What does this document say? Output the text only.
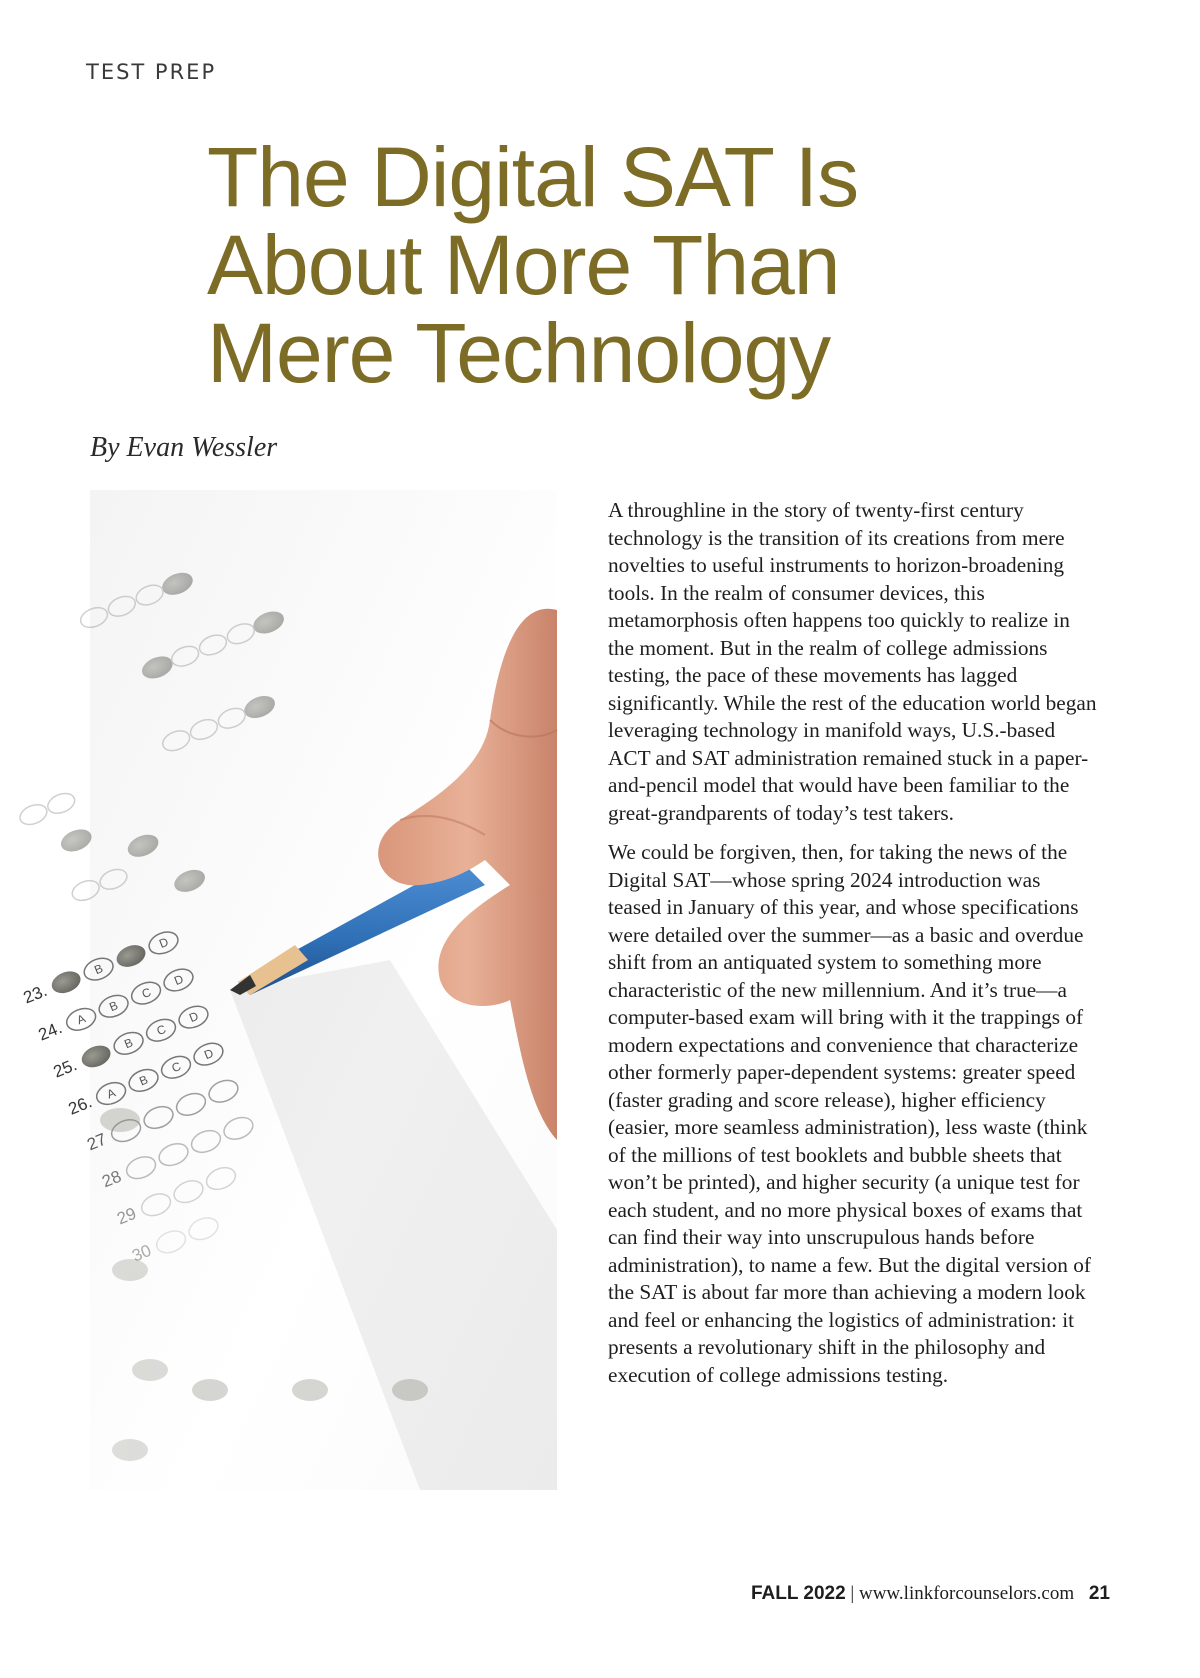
TEST PREP
The Digital SAT Is
About More Than
Mere Technology
By Evan Wessler
23.
B
D
24. A
B
C
D
25.
B
C
D
26. A
B
C
D
27
28
29
30

A throughline in the story of twenty-first century technology is the transition of its creations from mere novelties to useful instruments to horizon-broadening tools. In the realm of consumer devices, this metamorphosis often happens too quickly to realize in the moment. But in the realm of college admissions testing, the pace of these movements has lagged significantly. While the rest of the education world began leveraging technology in manifold ways, U.S.-based ACT and SAT administration remained stuck in a paper-and-pencil model that would have been familiar to the great-grandparents of today’s test takers.

We could be forgiven, then, for taking the news of the Digital SAT—whose spring 2024 introduction was teased in January of this year, and whose specifications were detailed over the summer—as a basic and overdue shift from an antiquated system to something more characteristic of the new millennium. And it’s true—a computer-based exam will bring with it the trappings of modern expectations and convenience that characterize other formerly paper-dependent systems: greater speed (faster grading and score release), higher efficiency (easier, more seamless administration), less waste (think of the millions of test booklets and bubble sheets that won’t be printed), and higher security (a unique test for each student, and no more physical boxes of exams that can find their way into unscrupulous hands before administration), to name a few. But the digital version of the SAT is about far more than achieving a modern look and feel or enhancing the logistics of administration: it presents a revolutionary shift in the philosophy and execution of college admissions testing.

FALL 2022 | www.linkforcounselors.com 21
